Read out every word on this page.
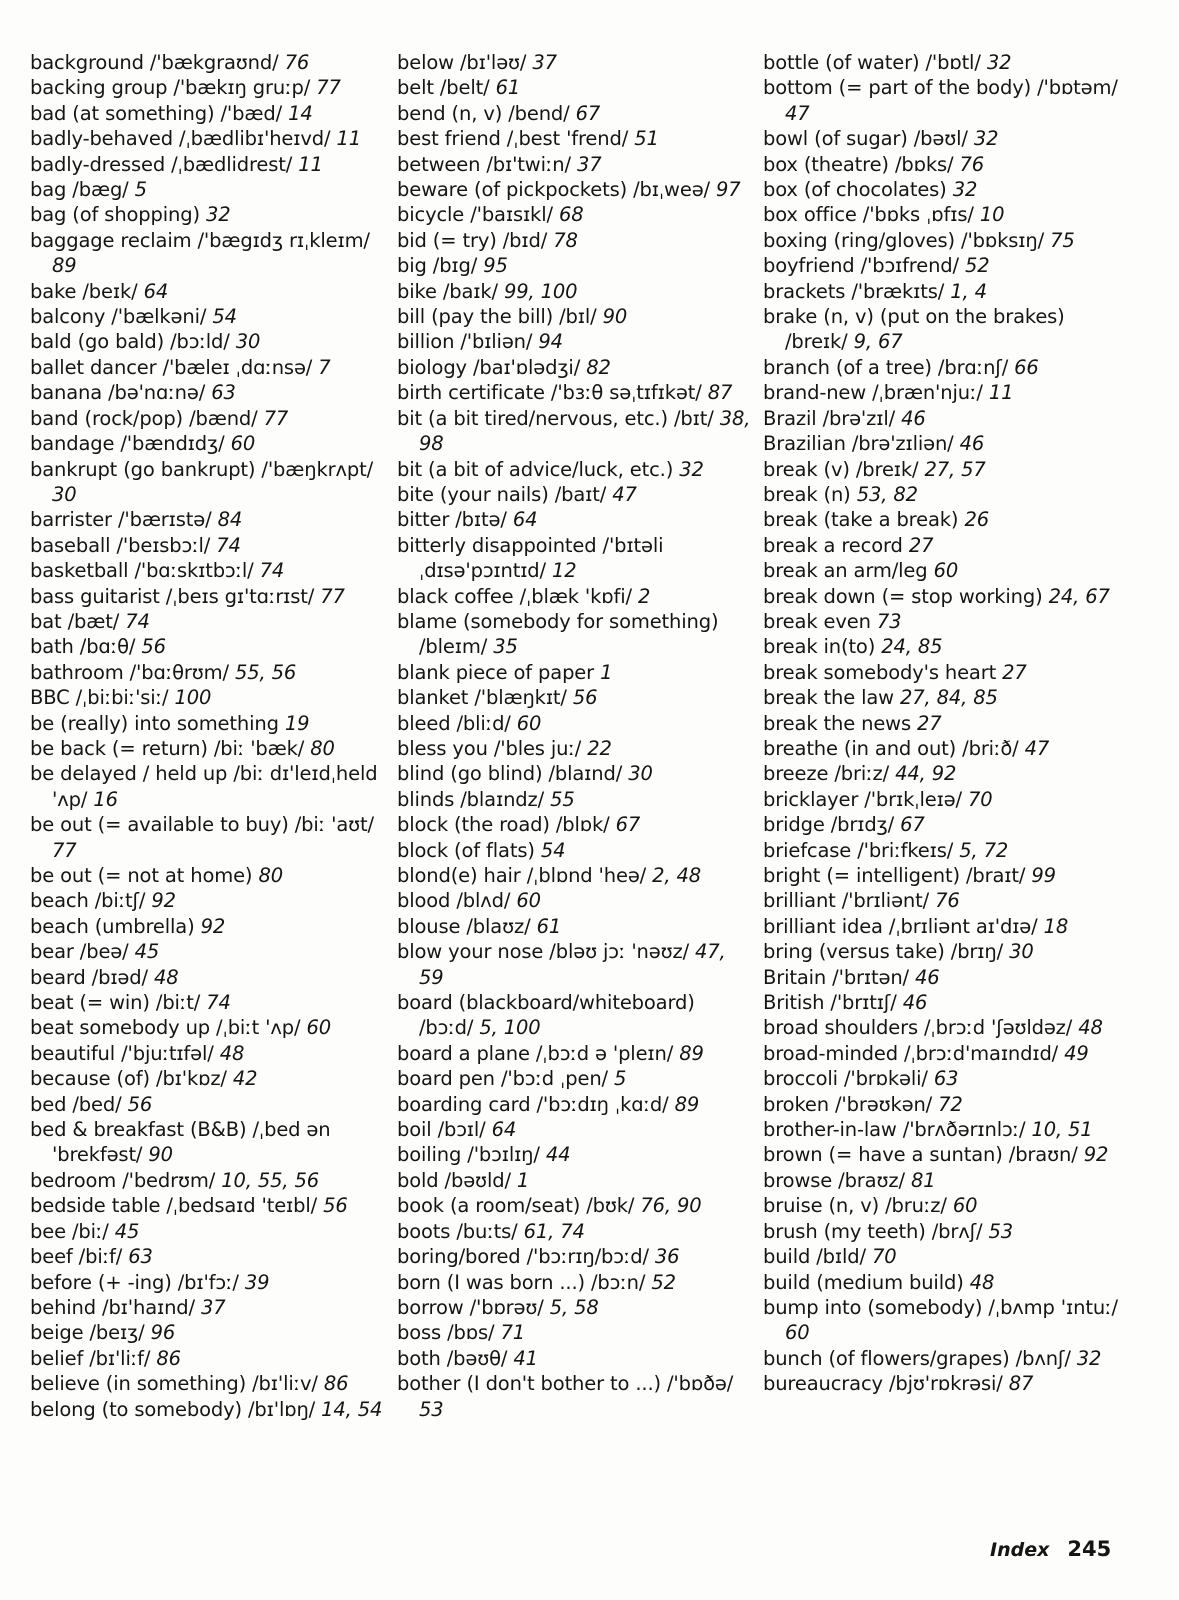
background /'bækgraʊnd/ 76
backing group /'bækɪŋ gruːp/ 77
bad (at something) /'bæd/ 14
badly-behaved /ˌbædlibɪ'heɪvd/ 11
badly-dressed /ˌbædlidrest/ 11
bag /bæg/ 5
bag (of shopping) 32
baggage reclaim /'bægɪdʒ rɪˌkleɪm/ 89
bake /beɪk/ 64
balcony /'bælkəni/ 54
bald (go bald) /bɔːld/ 30
ballet dancer /'bæleɪ ˌdɑːnsə/ 7
banana /bə'nɑːnə/ 63
band (rock/pop) /bænd/ 77
bandage /'bændɪdʒ/ 60
bankrupt (go bankrupt) /'bæŋkrʌpt/ 30
barrister /'bærɪstə/ 84
baseball /'beɪsbɔːl/ 74
basketball /'bɑːskɪtbɔːl/ 74
bass guitarist /ˌbeɪs gɪ'tɑːrɪst/ 77
bat /bæt/ 74
bath /bɑːθ/ 56
bathroom /'bɑːθrʊm/ 55, 56
BBC /ˌbiːbiː'siː/ 100
be (really) into something 19
be back (= return) /biː 'bæk/ 80
be delayed / held up /biː dɪ'leɪdˌheld 'ʌp/ 16
be out (= available to buy) /biː 'aʊt/ 77
be out (= not at home) 80
beach /biːtʃ/ 92
beach (umbrella) 92
bear /beə/ 45
beard /bɪəd/ 48
beat (= win) /biːt/ 74
beat somebody up /ˌbiːt 'ʌp/ 60
beautiful /'bjuːtɪfəl/ 48
because (of) /bɪ'kɒz/ 42
bed /bed/ 56
bed & breakfast (B&B) /ˌbed ən 'brekfəst/ 90
bedroom /'bedrʊm/ 10, 55, 56
bedside table /ˌbedsaɪd 'teɪbl/ 56
bee /biː/ 45
beef /biːf/ 63
before (+ -ing) /bɪ'fɔː/ 39
behind /bɪ'haɪnd/ 37
beige /beɪʒ/ 96
belief /bɪ'liːf/ 86
believe (in something) /bɪ'liːv/ 86
belong (to somebody) /bɪ'lɒŋ/ 14, 54
below /bɪ'ləʊ/ 37
belt /belt/ 61
bend (n, v) /bend/ 67
best friend /ˌbest 'frend/ 51
between /bɪ'twiːn/ 37
beware (of pickpockets) /bɪˌweə/ 97
bicycle /'baɪsɪkl/ 68
bid (= try) /bɪd/ 78
big /bɪg/ 95
bike /baɪk/ 99, 100
bill (pay the bill) /bɪl/ 90
billion /'bɪliən/ 94
biology /baɪ'ɒlədʒi/ 82
birth certificate /'bɜːθ səˌtɪfɪkət/ 87
bit (a bit tired/nervous, etc.) /bɪt/ 38, 98
bit (a bit of advice/luck, etc.) 32
bite (your nails) /baɪt/ 47
bitter /bɪtə/ 64
bitterly disappointed /'bɪtəli ˌdɪsə'pɔɪntɪd/ 12
black coffee /ˌblæk 'kɒfi/ 2
blame (somebody for something) /bleɪm/ 35
blank piece of paper 1
blanket /'blæŋkɪt/ 56
bleed /bliːd/ 60
bless you /'bles juː/ 22
blind (go blind) /blaɪnd/ 30
blinds /blaɪndz/ 55
block (the road) /blɒk/ 67
block (of flats) 54
blond(e) hair /ˌblɒnd 'heə/ 2, 48
blood /blʌd/ 60
blouse /blaʊz/ 61
blow your nose /bləʊ jɔː 'nəʊz/ 47, 59
board (blackboard/whiteboard) /bɔːd/ 5, 100
board a plane /ˌbɔːd ə 'pleɪn/ 89
board pen /'bɔːd ˌpen/ 5
boarding card /'bɔːdɪŋ ˌkɑːd/ 89
boil /bɔɪl/ 64
boiling /'bɔɪlɪŋ/ 44
bold /bəʊld/ 1
book (a room/seat) /bʊk/ 76, 90
boots /buːts/ 61, 74
boring/bored /'bɔːrɪŋ/bɔːd/ 36
born (I was born ...) /bɔːn/ 52
borrow /'bɒrəʊ/ 5, 58
boss /bɒs/ 71
both /bəʊθ/ 41
bother (I don't bother to ...) /'bɒðə/ 53
bottle (of water) /'bɒtl/ 32
bottom (= part of the body) /'bɒtəm/ 47
bowl (of sugar) /bəʊl/ 32
box (theatre) /bɒks/ 76
box (of chocolates) 32
box office /'bɒks ˌɒfɪs/ 10
boxing (ring/gloves) /'bɒksɪŋ/ 75
boyfriend /'bɔɪfrend/ 52
brackets /'brækɪts/ 1, 4
brake (n, v) (put on the brakes) /breɪk/ 9, 67
branch (of a tree) /brɑːnʃ/ 66
brand-new /ˌbræn'njuː/ 11
Brazil /brə'zɪl/ 46
Brazilian /brə'zɪliən/ 46
break (v) /breɪk/ 27, 57
break (n) 53, 82
break (take a break) 26
break a record 27
break an arm/leg 60
break down (= stop working) 24, 67
break even 73
break in(to) 24, 85
break somebody's heart 27
break the law 27, 84, 85
break the news 27
breathe (in and out) /briːð/ 47
breeze /briːz/ 44, 92
bricklayer /'brɪkˌleɪə/ 70
bridge /brɪdʒ/ 67
briefcase /'briːfkeɪs/ 5, 72
bright (= intelligent) /braɪt/ 99
brilliant /'brɪliənt/ 76
brilliant idea /ˌbrɪliənt aɪ'dɪə/ 18
bring (versus take) /brɪŋ/ 30
Britain /'brɪtən/ 46
British /'brɪtɪʃ/ 46
broad shoulders /ˌbrɔːd 'ʃəʊldəz/ 48
broad-minded /ˌbrɔːd'maɪndɪd/ 49
broccoli /'brɒkəli/ 63
broken /'brəʊkən/ 72
brother-in-law /'brʌðərɪnlɔː/ 10, 51
brown (= have a suntan) /braʊn/ 92
browse /braʊz/ 81
bruise (n, v) /bruːz/ 60
brush (my teeth) /brʌʃ/ 53
build /bɪld/ 70
build (medium build) 48
bump into (somebody) /ˌbʌmp 'ɪntuː/ 60
bunch (of flowers/grapes) /bʌnʃ/ 32
bureaucracy /bjʊ'rɒkrəsi/ 87
Index 245
